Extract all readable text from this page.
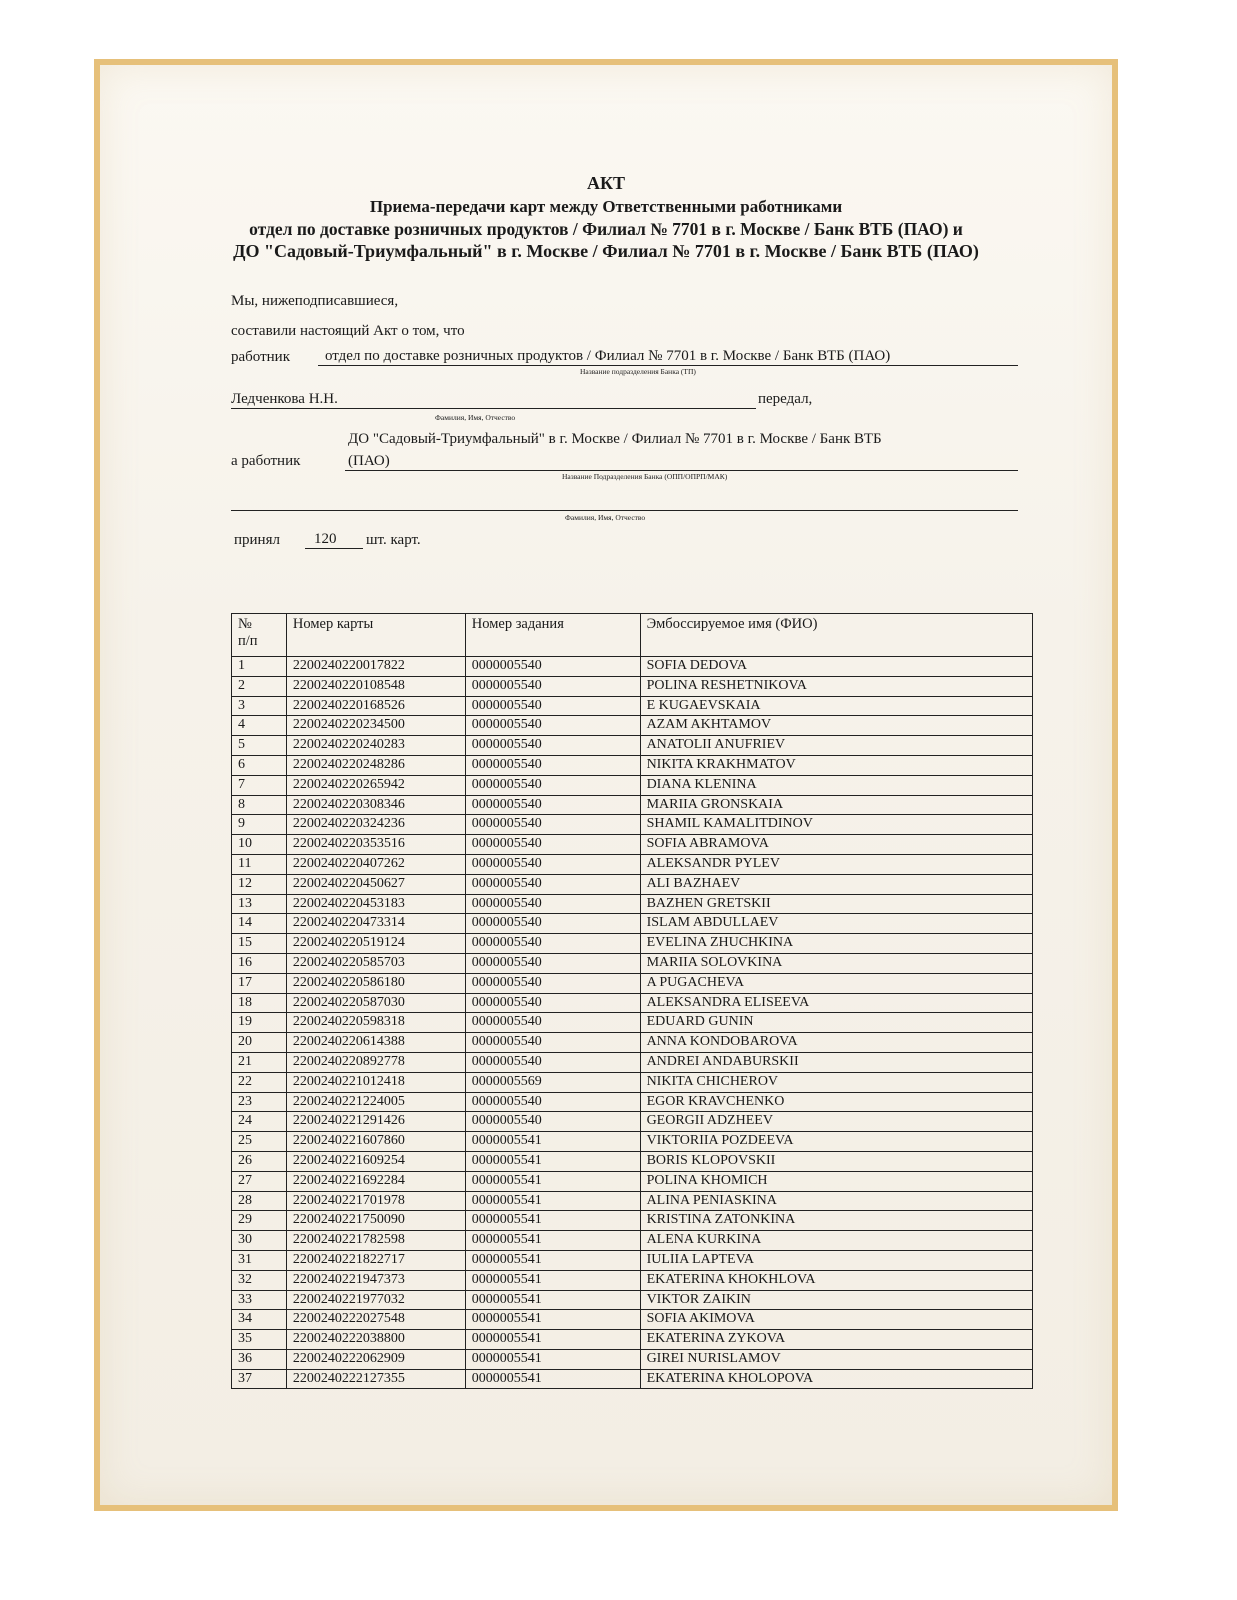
АКТ
Приема-передачи карт между Ответственными работниками
отдел по доставке розничных продуктов / Филиал № 7701 в г. Москве / Банк ВТБ (ПАО) и
ДО "Садовый-Триумфальный" в г. Москве / Филиал № 7701 в г. Москве / Банк ВТБ (ПАО)
Мы, нижеподписавшиеся,
составили настоящий Акт о том, что
работник отдел по доставке розничных продуктов / Филиал № 7701 в г. Москве / Банк ВТБ (ПАО)
Название подразделения Банка (ТП)
Ледченкова Н.Н.	передал,
Фамилия, Имя, Отчество
ДО "Садовый-Триумфальный" в г. Москве / Филиал № 7701 в г. Москве / Банк ВТБ
а работник	(ПАО)
Название Подразделения Банка (ОПП/ОПРП/МАК)
Фамилия, Имя, Отчество
принял 120 шт. карт.
№
п/п	Номер карты	Номер задания	Эмбоссируемое имя (ФИО)
1	2200240220017822	0000005540	SOFIA DEDOVA
2	2200240220108548	0000005540	POLINA RESHETNIKOVA
3	2200240220168526	0000005540	E KUGAEVSKAIA
4	2200240220234500	0000005540	AZAM AKHTAMOV
5	2200240220240283	0000005540	ANATOLII ANUFRIEV
6	2200240220248286	0000005540	NIKITA KRAKHMATOV
7	2200240220265942	0000005540	DIANA KLENINA
8	2200240220308346	0000005540	MARIIA GRONSKAIA
9	2200240220324236	0000005540	SHAMIL KAMALITDINOV
10	2200240220353516	0000005540	SOFIA ABRAMOVA
11	2200240220407262	0000005540	ALEKSANDR PYLEV
12	2200240220450627	0000005540	ALI BAZHAEV
13	2200240220453183	0000005540	BAZHEN GRETSKII
14	2200240220473314	0000005540	ISLAM ABDULLAEV
15	2200240220519124	0000005540	EVELINA ZHUCHKINA
16	2200240220585703	0000005540	MARIIA SOLOVKINA
17	2200240220586180	0000005540	A PUGACHEVA
18	2200240220587030	0000005540	ALEKSANDRA ELISEEVA
19	2200240220598318	0000005540	EDUARD GUNIN
20	2200240220614388	0000005540	ANNA KONDOBAROVA
21	2200240220892778	0000005540	ANDREI ANDABURSKII
22	2200240221012418	0000005569	NIKITA CHICHEROV
23	2200240221224005	0000005540	EGOR KRAVCHENKO
24	2200240221291426	0000005540	GEORGII ADZHEEV
25	2200240221607860	0000005541	VIKTORIIA POZDEEVA
26	2200240221609254	0000005541	BORIS KLOPOVSKII
27	2200240221692284	0000005541	POLINA KHOMICH
28	2200240221701978	0000005541	ALINA PENIASKINA
29	2200240221750090	0000005541	KRISTINA ZATONKINA
30	2200240221782598	0000005541	ALENA KURKINA
31	2200240221822717	0000005541	IULIIA LAPTEVA
32	2200240221947373	0000005541	EKATERINA KHOKHLOVA
33	2200240221977032	0000005541	VIKTOR ZAIKIN
34	2200240222027548	0000005541	SOFIA AKIMOVA
35	2200240222038800	0000005541	EKATERINA ZYKOVA
36	2200240222062909	0000005541	GIREI NURISLAMOV
37	2200240222127355	0000005541	EKATERINA KHOLOPOVA
